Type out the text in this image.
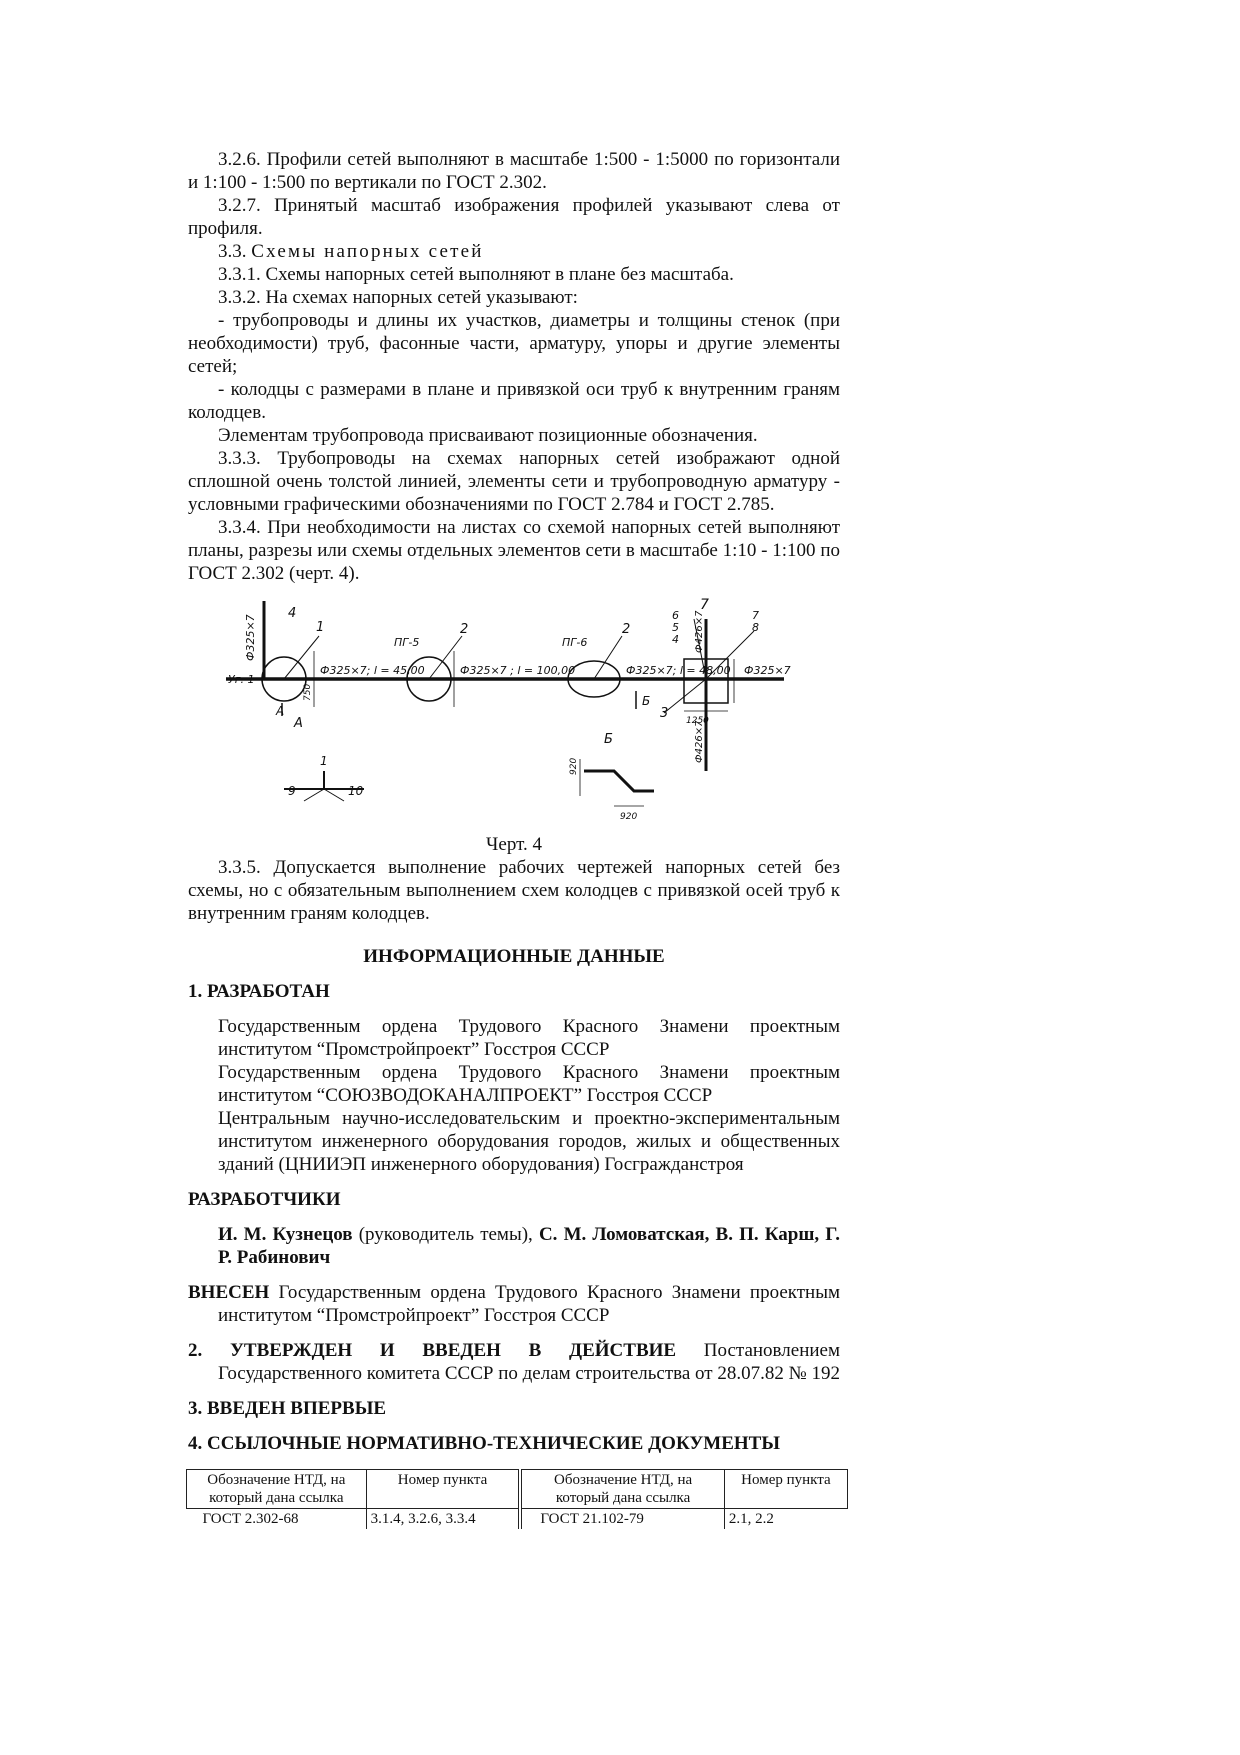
3.2.6. Профили сетей выполняют в масштабе 1:500 - 1:5000 по горизонтали и 1:100 - 1:500 по вертикали по ГОСТ 2.302.

3.2.7. Принятый масштаб изображения профилей указывают слева от профиля.

3.3. Схемы напорных сетей

3.3.1. Схемы напорных сетей выполняют в плане без масштаба.

3.3.2. На схемах напорных сетей указывают:

- трубопроводы и длины их участков, диаметры и толщины стенок (при необходимости) труб, фасонные части, арматуру, упоры и другие элементы сетей;

- колодцы с размерами в плане и привязкой оси труб к внутренним граням колодцев.

Элементам трубопровода присваивают позиционные обозначения.

3.3.3. Трубопроводы на схемах напорных сетей изображают одной сплошной очень толстой линией, элементы сети и трубопроводную арматуру - условными графическими обозначениями по ГОСТ 2.784 и ГОСТ 2.785.

3.3.4. При необходимости на листах со схемой напорных сетей выполняют планы, разрезы или схемы отдельных элементов сети в масштабе 1:10 - 1:100 по ГОСТ 2.302 (черт. 4).

Уг. 1
Ф325×7
4
1
Ф325×7; l = 45,00
ПГ-5
2
Ф325×7 ; l = 100,00
ПГ-6
2
Ф325×7; l = 48,00
6
5
4
7
7
8
3
Ф325×7
Ф426×7
Ф426×7
750
1250
А
А
Б
Б
1
9	10
920
920

Черт. 4

3.3.5. Допускается выполнение рабочих чертежей напорных сетей без схемы, но с обязательным выполнением схем колодцев с привязкой осей труб к внутренним граням колодцев.

ИНФОРМАЦИОННЫЕ ДАННЫЕ

1. РАЗРАБОТАН

Государственным ордена Трудового Красного Знамени проектным институтом “Промстройпроект” Госстроя СССР

Государственным ордена Трудового Красного Знамени проектным институтом “СОЮЗВОДОКАНАЛПРОЕКТ” Госстроя СССР

Центральным научно-исследовательским и проектно-экспериментальным институтом инженерного оборудования городов, жилых и общественных зданий (ЦНИИЭП инженерного оборудования) Госгражданстроя

РАЗРАБОТЧИКИ

И. М. Кузнецов (руководитель темы), С. М. Ломоватская, В. П. Карш, Г. Р. Рабинович

ВНЕСЕН Государственным ордена Трудового Красного Знамени проектным институтом “Промстройпроект” Госстроя СССР

2. УТВЕРЖДЕН И ВВЕДЕН В ДЕЙСТВИЕ Постановлением Государственного комитета СССР по делам строительства от 28.07.82 № 192

3. ВВЕДЕН ВПЕРВЫЕ

4. ССЫЛОЧНЫЕ НОРМАТИВНО-ТЕХНИЧЕСКИЕ ДОКУМЕНТЫ

Обозначение НТД, на который дана ссылка	Номер пункта	Обозначение НТД, на который дана ссылка	Номер пункта
ГОСТ 2.302-68	3.1.4, 3.2.6, 3.3.4	ГОСТ 21.102-79	2.1, 2.2
